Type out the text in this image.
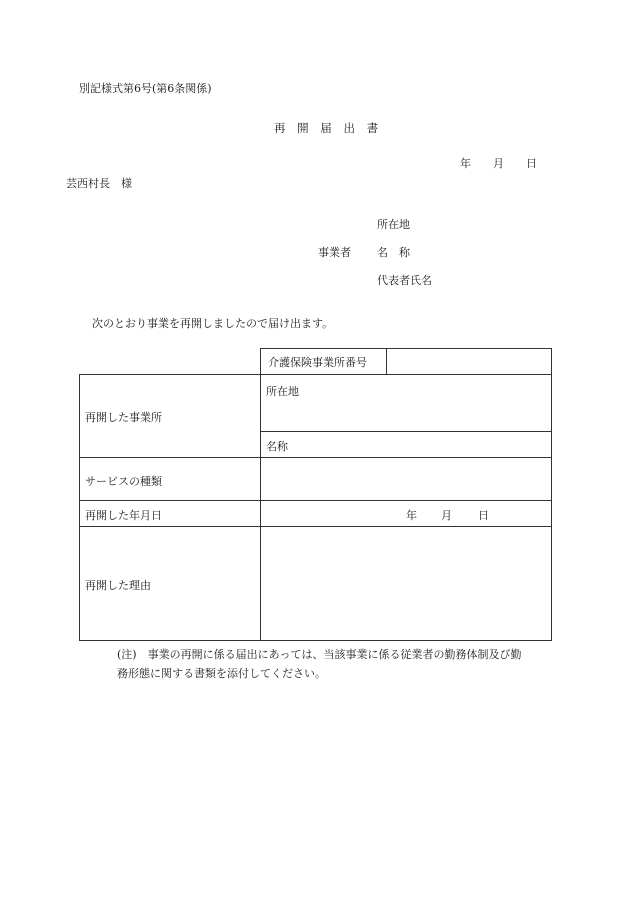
別記様式第6号(第6条関係)
再 開 届 出 書
年 月 日
芸西村長　様
所在地
事業者 名　称
代表者氏名
次のとおり事業を再開しましたので届け出ます。
介護保険事業所番号
再開した事業所
所在地
名称
サービスの種類
再開した年月日	年 月 日
再開した理由
(注)　事業の再開に係る届出にあっては、当該事業に係る従業者の勤務体制及び勤
務形態に関する書類を添付してください。
